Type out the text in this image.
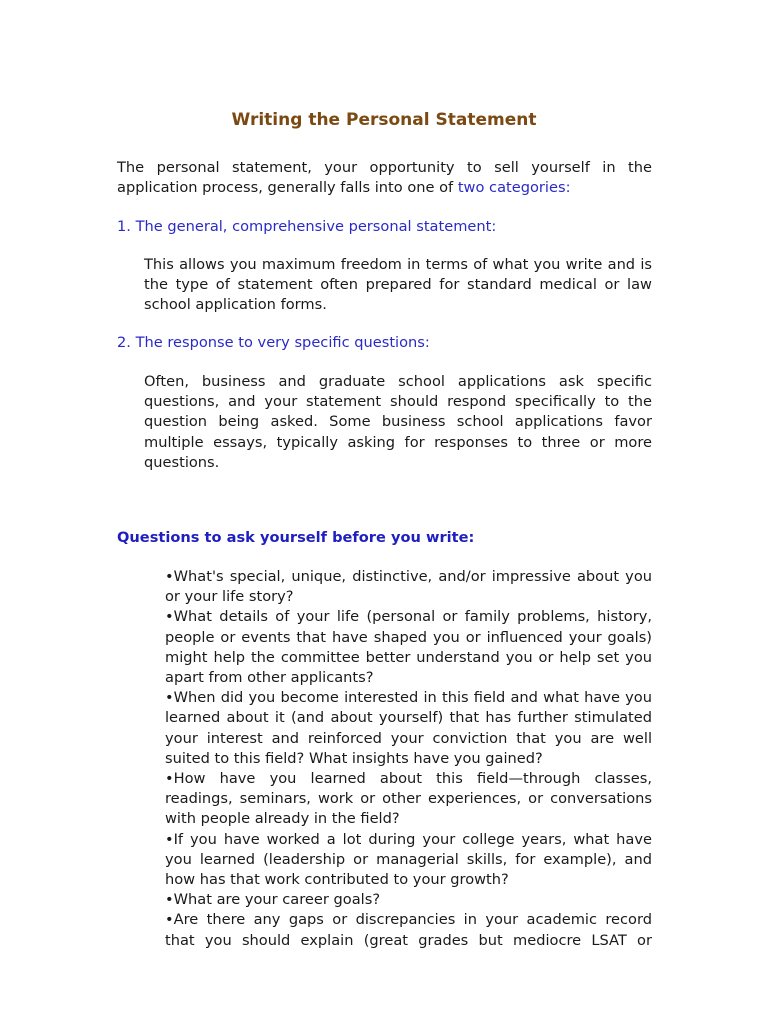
Writing the Personal Statement

The personal statement, your opportunity to sell yourself in the application process, generally falls into one of two categories:

1. The general, comprehensive personal statement:

This allows you maximum freedom in terms of what you write and is the type of statement often prepared for standard medical or law school application forms.

2. The response to very specific questions:

Often, business and graduate school applications ask specific questions, and your statement should respond specifically to the question being asked. Some business school applications favor multiple essays, typically asking for responses to three or more questions.

Questions to ask yourself before you write:

•What's special, unique, distinctive, and/or impressive about you or your life story?
•What details of your life (personal or family problems, history, people or events that have shaped you or influenced your goals) might help the committee better understand you or help set you apart from other applicants?
•When did you become interested in this field and what have you learned about it (and about yourself) that has further stimulated your interest and reinforced your conviction that you are well suited to this field? What insights have you gained?
•How have you learned about this field—through classes, readings, seminars, work or other experiences, or conversations with people already in the field?
•If you have worked a lot during your college years, what have you learned (leadership or managerial skills, for example), and how has that work contributed to your growth?
•What are your career goals?
•Are there any gaps or discrepancies in your academic record that you should explain (great grades but mediocre LSAT or
